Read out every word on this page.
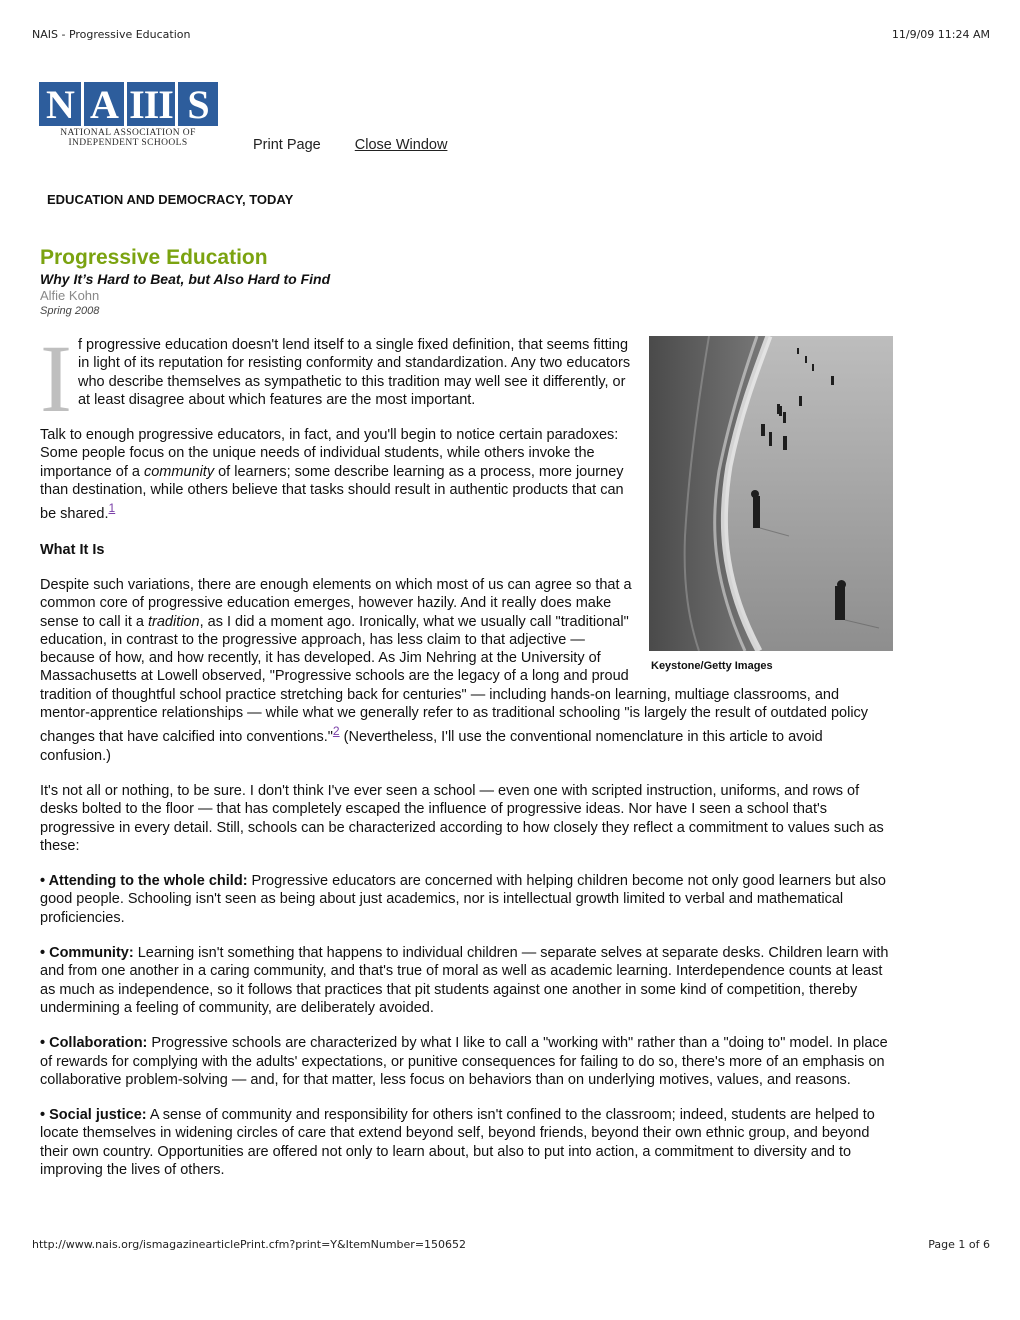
NAIS - Progressive Education	11/9/09 11:24 AM
N A III S
NATIONAL ASSOCIATION OF
INDEPENDENT SCHOOLS	Print Page Close Window
EDUCATION AND DEMOCRACY, TODAY
Progressive Education
Why It’s Hard to Beat, but Also Hard to Find
Alfie Kohn
Spring 2008
Keystone/Getty Images

If progressive education doesn't lend itself to a single fixed definition, that seems fitting in light of its reputation for resisting conformity and standardization. Any two educators who describe themselves as sympathetic to this tradition may well see it differently, or at least disagree about which features are the most important.

Talk to enough progressive educators, in fact, and you'll begin to notice certain paradoxes: Some people focus on the unique needs of individual students, while others invoke the importance of a community of learners; some describe learning as a process, more journey than destination, while others believe that tasks should result in authentic products that can be shared.$^1$

What It Is

Despite such variations, there are enough elements on which most of us can agree so that a common core of progressive education emerges, however hazily. And it really does make sense to call it a tradition, as I did a moment ago. Ironically, what we usually call "traditional" education, in contrast to the progressive approach, has less claim to that adjective — because of how, and how recently, it has developed. As Jim Nehring at the University of Massachusetts at Lowell observed, "Progressive schools are the legacy of a long and proud tradition of thoughtful school practice stretching back for centuries" — including hands-on learning, multiage classrooms, and mentor-apprentice relationships — while what we generally refer to as traditional schooling "is largely the result of outdated policy changes that have calcified into conventions."$^2$ (Nevertheless, I'll use the conventional nomenclature in this article to avoid confusion.)

It's not all or nothing, to be sure. I don't think I've ever seen a school — even one with scripted instruction, uniforms, and rows of desks bolted to the floor — that has completely escaped the influence of progressive ideas. Nor have I seen a school that's progressive in every detail. Still, schools can be characterized according to how closely they reflect a commitment to values such as these:

• Attending to the whole child: Progressive educators are concerned with helping children become not only good learners but also good people. Schooling isn't seen as being about just academics, nor is intellectual growth limited to verbal and mathematical proficiencies.

• Community: Learning isn't something that happens to individual children — separate selves at separate desks. Children learn with and from one another in a caring community, and that's true of moral as well as academic learning. Interdependence counts at least as much as independence, so it follows that practices that pit students against one another in some kind of competition, thereby undermining a feeling of community, are deliberately avoided.

• Collaboration: Progressive schools are characterized by what I like to call a "working with" rather than a "doing to" model. In place of rewards for complying with the adults' expectations, or punitive consequences for failing to do so, there's more of an emphasis on collaborative problem-solving — and, for that matter, less focus on behaviors than on underlying motives, values, and reasons.

• Social justice: A sense of community and responsibility for others isn't confined to the classroom; indeed, students are helped to locate themselves in widening circles of care that extend beyond self, beyond friends, beyond their own ethnic group, and beyond their own country. Opportunities are offered not only to learn about, but also to put into action, a commitment to diversity and to improving the lives of others.

http://www.nais.org/ismagazinearticlePrint.cfm?print=Y&ItemNumber=150652	Page 1 of 6
